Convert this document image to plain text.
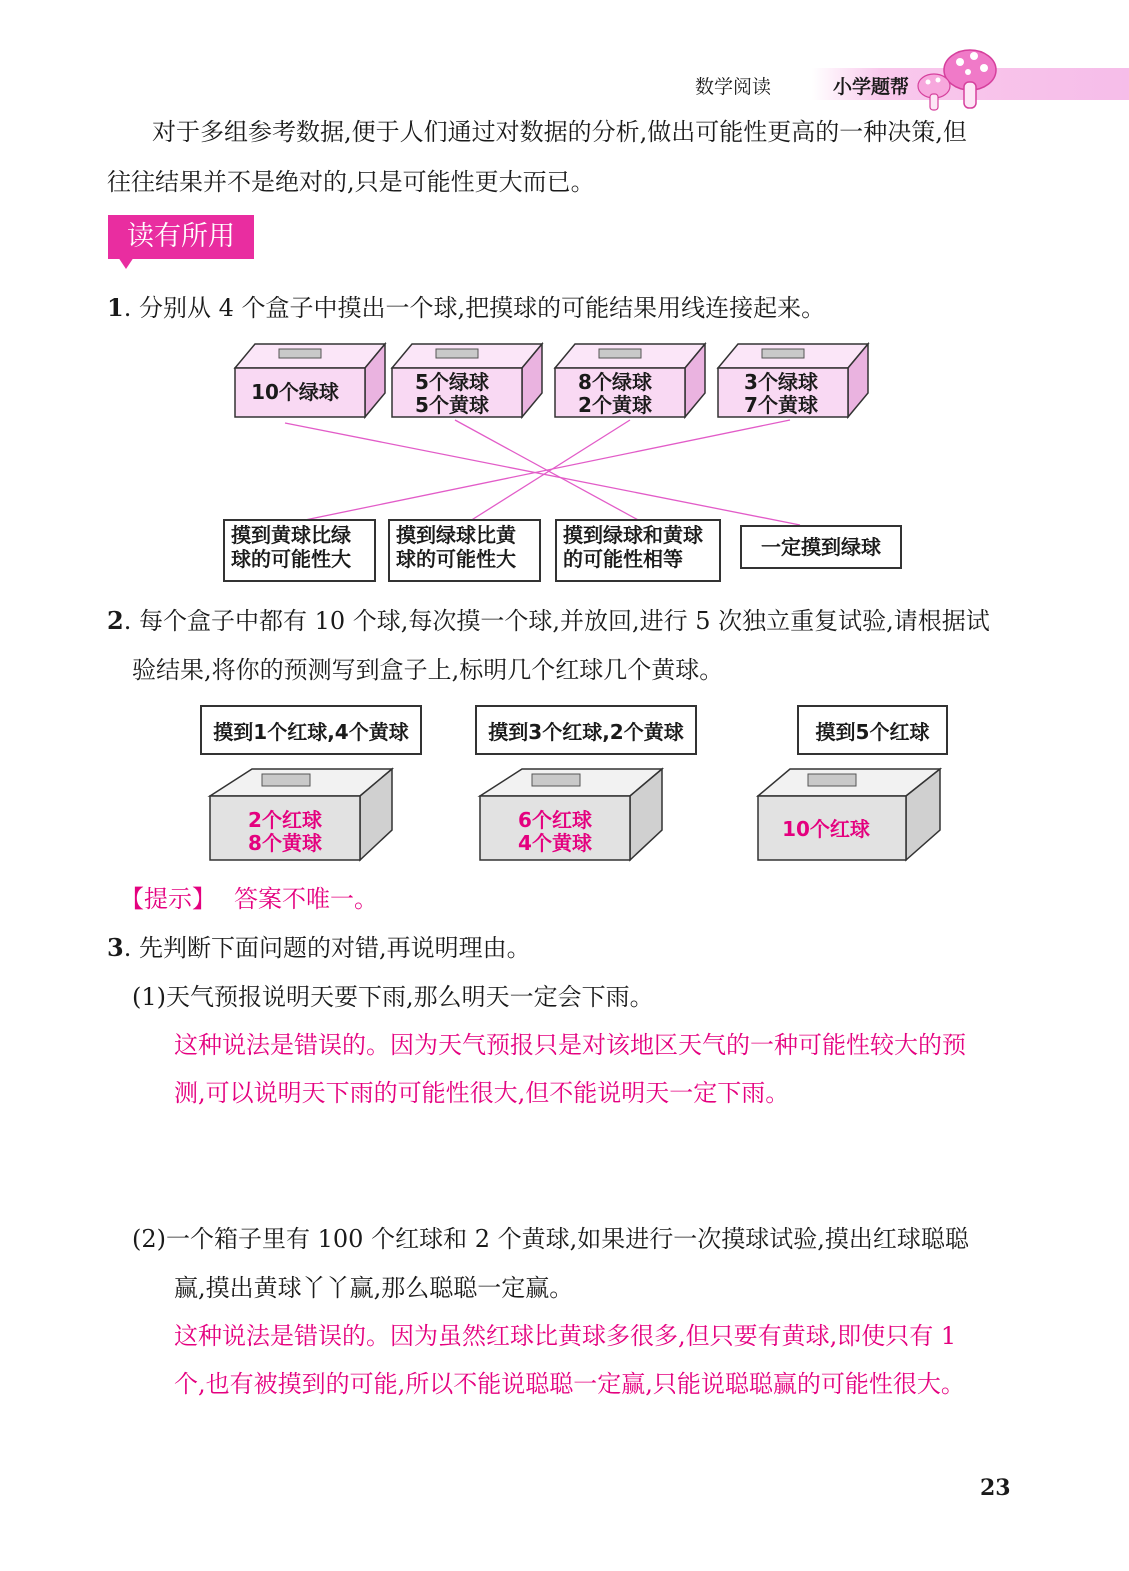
数学阅读	小学题帮
对于多组参考数据,便于人们通过对数据的分析,做出可能性更高的一种决策,但
往往结果并不是绝对的,只是可能性更大而已。
读有所用
1. 分别从 4 个盒子中摸出一个球,把摸球的可能结果用线连接起来。
10个绿球	5个绿球
5个黄球
8个绿球
2个黄球
3个绿球
7个黄球
摸到黄球比绿
球的可能性大
摸到绿球比黄
球的可能性大
摸到绿球和黄球
的可能性相等	一定摸到绿球
2. 每个盒子中都有 10 个球,每次摸一个球,并放回,进行 5 次独立重复试验,请根据试
验结果,将你的预测写到盒子上,标明几个红球几个黄球。
摸到1个红球,4个黄球	摸到3个红球,2个黄球	摸到5个红球
2个红球
8个黄球
6个红球
4个黄球
10个红球
【提示】 答案不唯一。
3. 先判断下面问题的对错,再说明理由。
(1)天气预报说明天要下雨,那么明天一定会下雨。
这种说法是错误的。因为天气预报只是对该地区天气的一种可能性较大的预
测,可以说明天下雨的可能性很大,但不能说明天一定下雨。
(2)一个箱子里有 100 个红球和 2 个黄球,如果进行一次摸球试验,摸出红球聪聪
赢,摸出黄球丫丫赢,那么聪聪一定赢。
这种说法是错误的。因为虽然红球比黄球多很多,但只要有黄球,即使只有 1
个,也有被摸到的可能,所以不能说聪聪一定赢,只能说聪聪赢的可能性很大。
23
